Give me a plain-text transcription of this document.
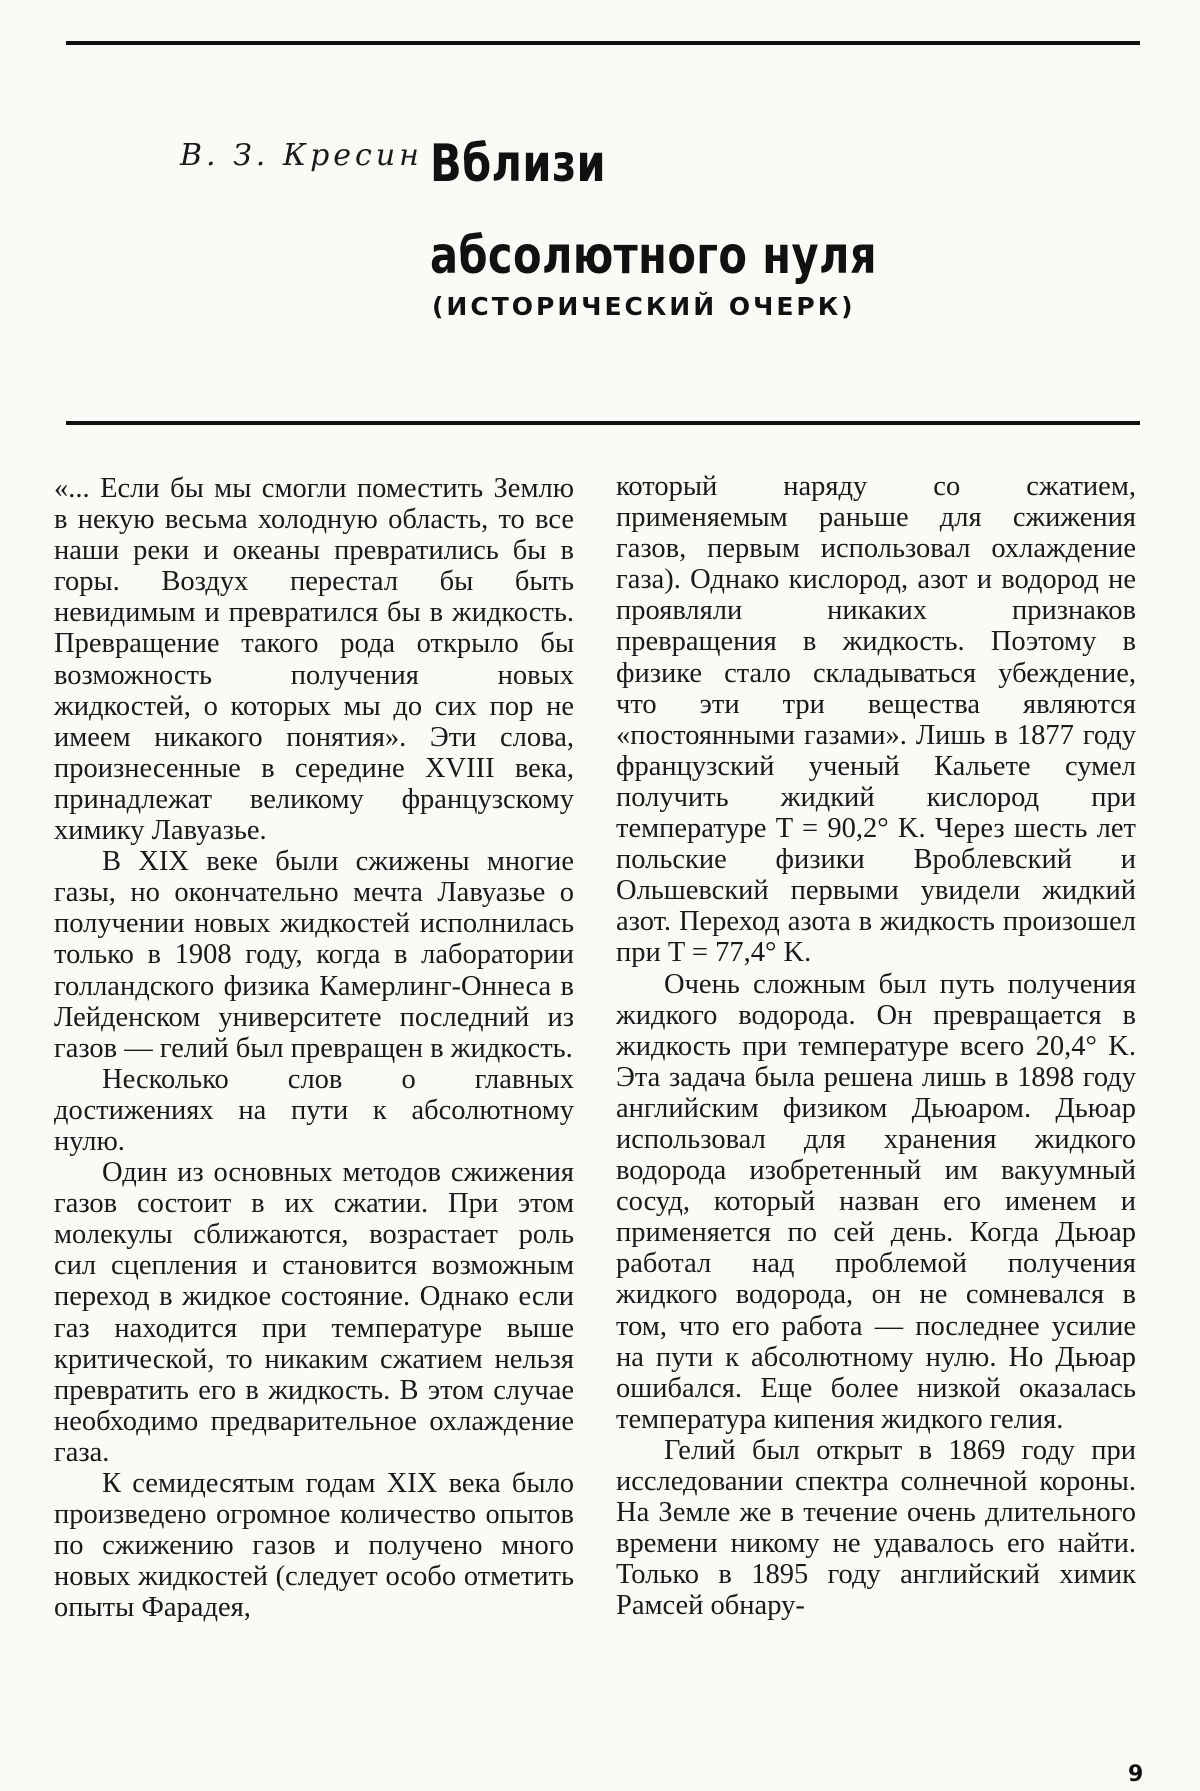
В. З. Кресин Вблизи
абсолютного нуля
(ИСТОРИЧЕСКИЙ ОЧЕРК)

«... Если бы мы смогли поместить Землю в некую весьма холодную область, то все наши реки и океаны превратились бы в горы. Воздух перестал бы быть невидимым и превратился бы в жидкость. Превращение такого рода открыло бы возможность получения новых жидкостей, о которых мы до сих пор не имеем никакого понятия». Эти слова, произнесенные в середине XVIII века, принадлежат великому французскому химику Лавуазье.

В XIX веке были сжижены многие газы, но окончательно мечта Лавуазье о получении новых жидкостей исполнилась только в 1908 году, когда в лаборатории голландского физика Камерлинг-Оннеса в Лейденском университете последний из газов — гелий был превращен в жидкость.

Несколько слов о главных достижениях на пути к абсолютному нулю.

Один из основных методов сжижения газов состоит в их сжатии. При этом молекулы сближаются, возрастает роль сил сцепления и становится возможным переход в жидкое состояние. Однако если газ находится при температуре выше критической, то никаким сжатием нельзя превратить его в жидкость. В этом случае необходимо предварительное охлаждение газа.

К семидесятым годам XIX века было произведено огромное количество опытов по сжижению газов и получено много новых жидкостей (следует особо отметить опыты Фарадея,

который наряду со сжатием, применяемым раньше для сжижения газов, первым использовал охлаждение газа). Однако кислород, азот и водород не проявляли никаких признаков превращения в жидкость. Поэтому в физике стало складываться убеждение, что эти три вещества являются «постоянными газами». Лишь в 1877 году французский ученый Кальете сумел получить жидкий кислород при температуре T = 90,2° K. Через шесть лет польские физики Вроблевский и Ольшевский первыми увидели жидкий азот. Переход азота в жидкость произошел при T = 77,4° K.

Очень сложным был путь получения жидкого водорода. Он превращается в жидкость при температуре всего 20,4° K. Эта задача была решена лишь в 1898 году английским физиком Дьюаром. Дьюар использовал для хранения жидкого водорода изобретенный им вакуумный сосуд, который назван его именем и применяется по сей день. Когда Дьюар работал над проблемой получения жидкого водорода, он не сомневался в том, что его работа — последнее усилие на пути к абсолютному нулю. Но Дьюар ошибался. Еще более низкой оказалась температура кипения жидкого гелия.

Гелий был открыт в 1869 году при исследовании спектра солнечной короны. На Земле же в течение очень длительного времени никому не удавалось его найти. Только в 1895 году английский химик Рамсей обнару-

9
